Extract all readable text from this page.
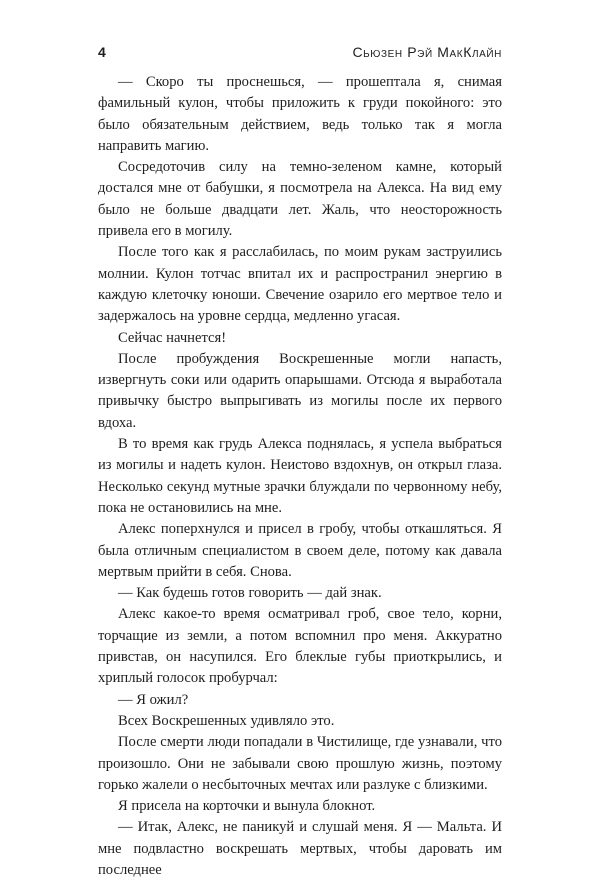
4	Сьюзен Рэй МакКлайн

— Скоро ты проснешься, — прошептала я, снимая фамильный кулон, чтобы приложить к груди покойного: это было обязательным действием, ведь только так я могла направить магию.

Сосредоточив силу на темно-зеленом камне, который достался мне от бабушки, я посмотрела на Алекса. На вид ему было не больше двадцати лет. Жаль, что неосторожность привела его в могилу.

После того как я расслабилась, по моим рукам заструились молнии. Кулон тотчас впитал их и распространил энергию в каждую клеточку юноши. Свечение озарило его мертвое тело и задержалось на уровне сердца, медленно угасая.

Сейчас начнется!

После пробуждения Воскрешенные могли напасть, извергнуть соки или одарить опарышами. Отсюда я выработала привычку быстро выпрыгивать из могилы после их первого вдоха.

В то время как грудь Алекса поднялась, я успела выбраться из могилы и надеть кулон. Неистово вздохнув, он открыл глаза. Несколько секунд мутные зрачки блуждали по червонному небу, пока не остановились на мне.

Алекс поперхнулся и присел в гробу, чтобы откашляться. Я была отличным специалистом в своем деле, потому как давала мертвым прийти в себя. Снова.

— Как будешь готов говорить — дай знак.

Алекс какое-то время осматривал гроб, свое тело, корни, торчащие из земли, а потом вспомнил про меня. Аккуратно привстав, он насупился. Его блеклые губы приоткрылись, и хриплый голосок пробурчал:

— Я ожил?

Всех Воскрешенных удивляло это.

После смерти люди попадали в Чистилище, где узнавали, что произошло. Они не забывали свою прошлую жизнь, поэтому горько жалели о несбыточных мечтах или разлуке с близкими.

Я присела на корточки и вынула блокнот.

— Итак, Алекс, не паникуй и слушай меня. Я — Мальта. И мне подвластно воскрешать мертвых, чтобы даровать им последнее
